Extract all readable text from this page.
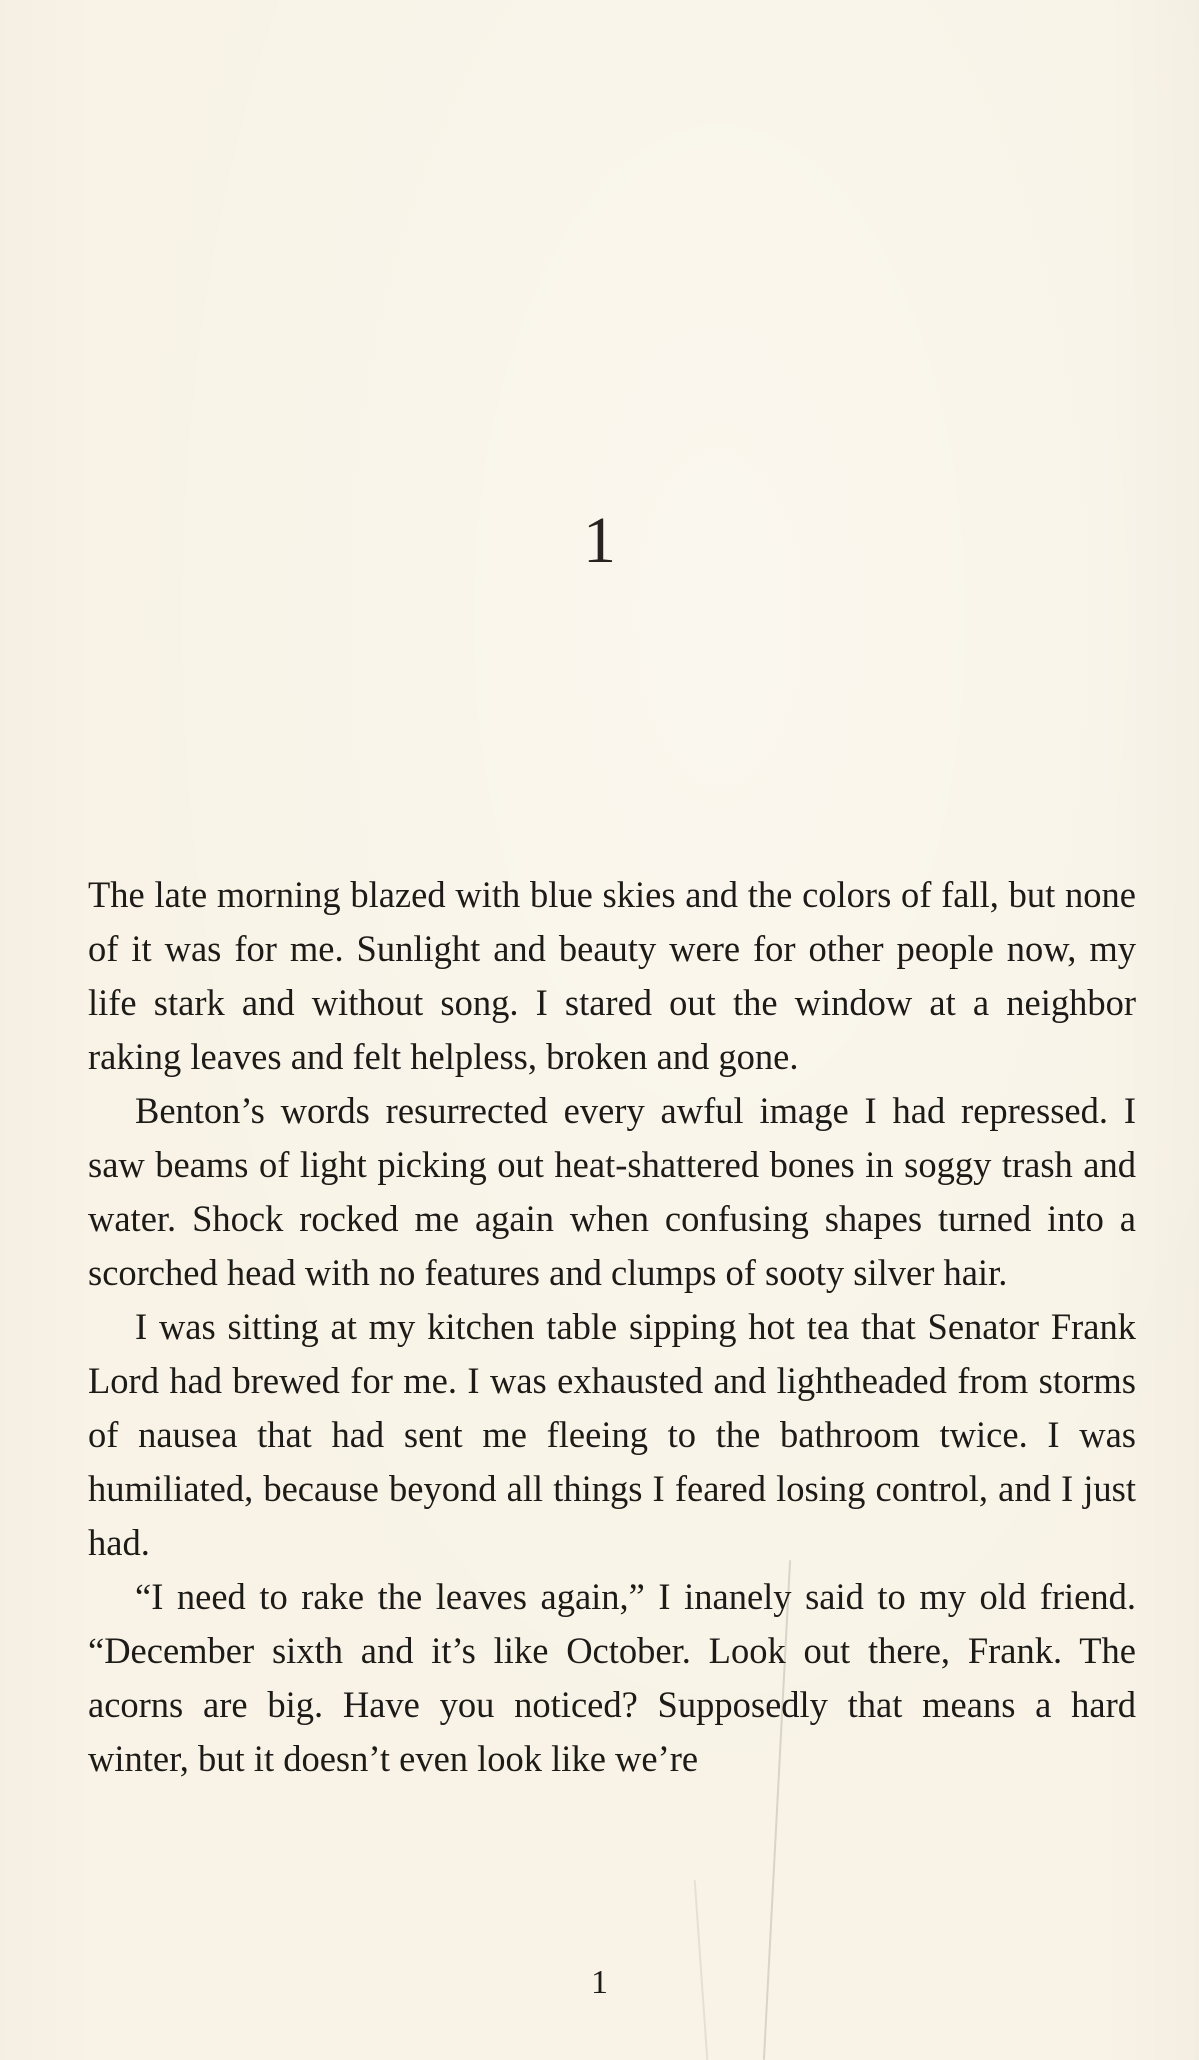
1

The late morning blazed with blue skies and the colors of fall, but none of it was for me. Sunlight and beauty were for other people now, my life stark and without song. I stared out the window at a neighbor raking leaves and felt helpless, broken and gone.

Benton’s words resurrected every awful image I had repressed. I saw beams of light picking out heat-shattered bones in soggy trash and water. Shock rocked me again when confusing shapes turned into a scorched head with no features and clumps of sooty silver hair.

I was sitting at my kitchen table sipping hot tea that Senator Frank Lord had brewed for me. I was exhausted and lightheaded from storms of nausea that had sent me fleeing to the bathroom twice. I was humiliated, because beyond all things I feared losing control, and I just had.

“I need to rake the leaves again,” I inanely said to my old friend. “December sixth and it’s like October. Look out there, Frank. The acorns are big. Have you noticed? Supposedly that means a hard winter, but it doesn’t even look like we’re

1
